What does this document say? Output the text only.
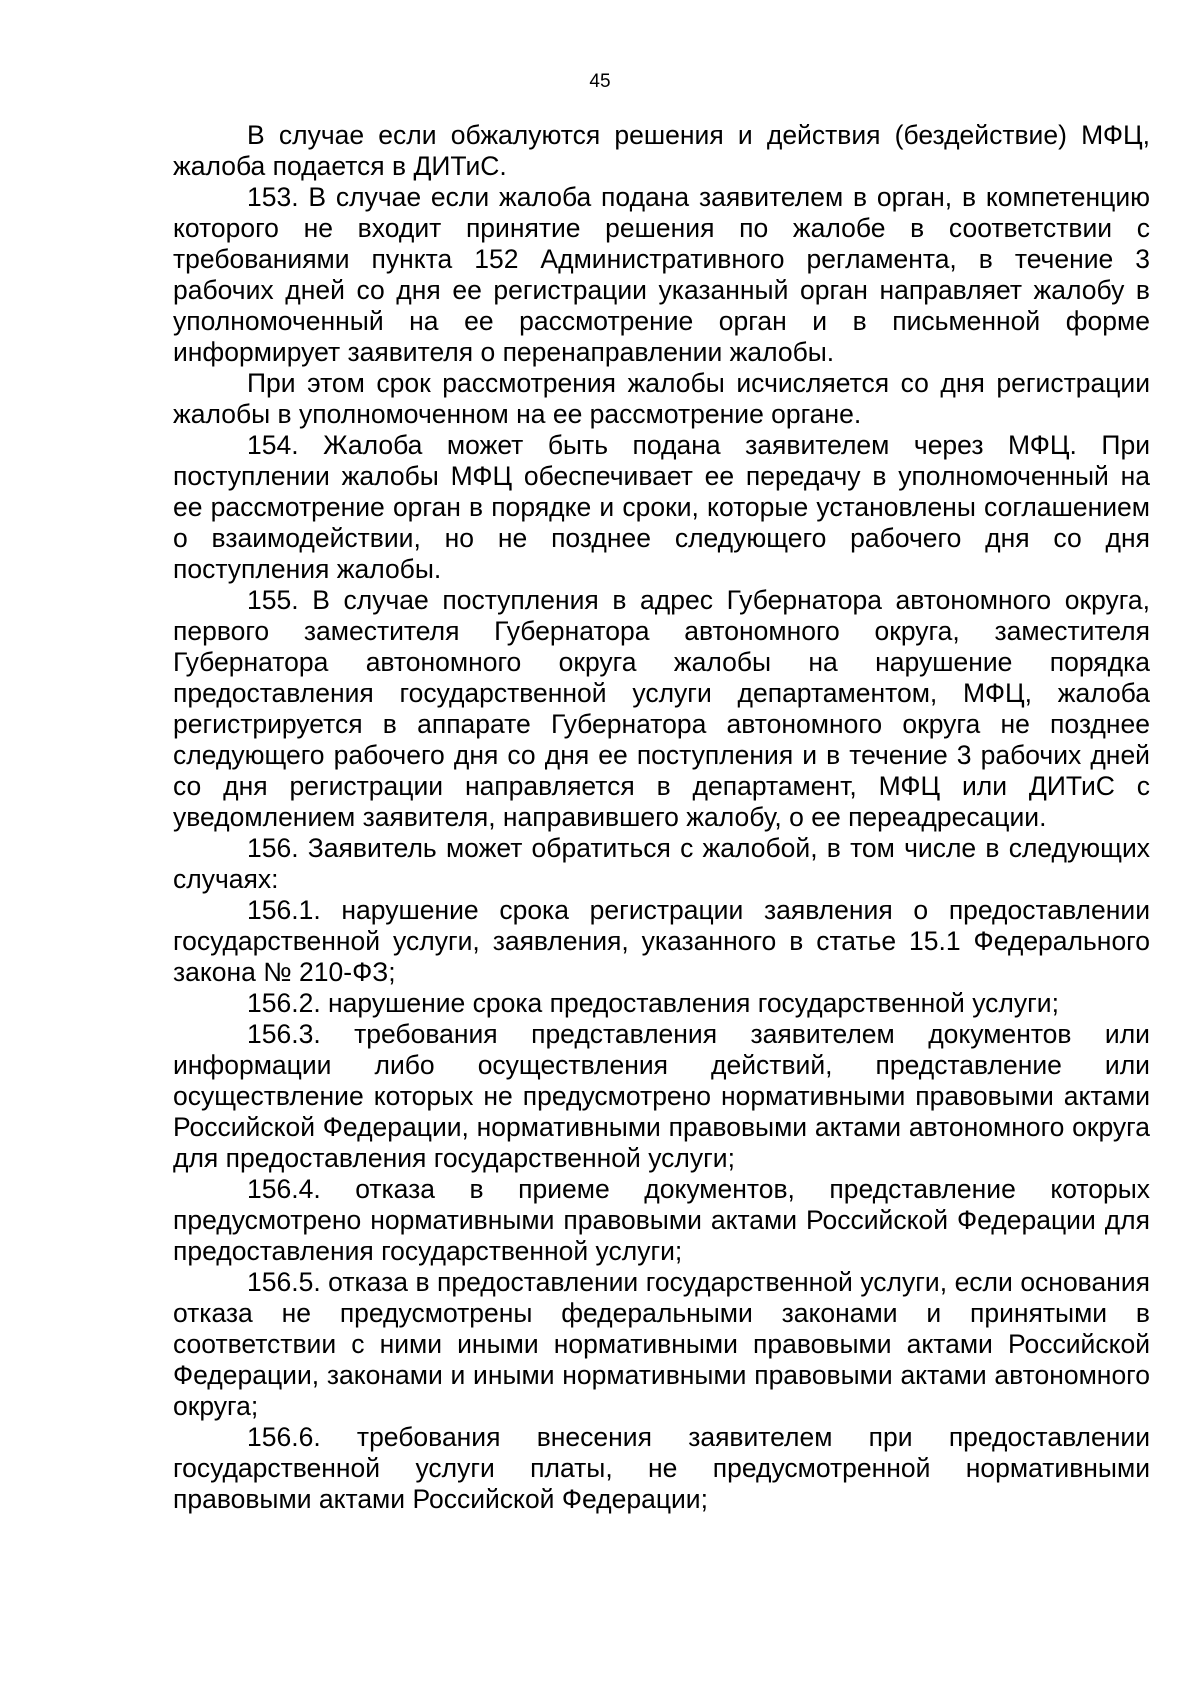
45

В случае если обжалуются решения и действия (бездействие) МФЦ, жалоба подается в ДИТиС.

153. В случае если жалоба подана заявителем в орган, в компетенцию которого не входит принятие решения по жалобе в соответствии с требованиями пункта 152 Административного регламента, в течение 3 рабочих дней со дня ее регистрации указанный орган направляет жалобу в уполномоченный на ее рассмотрение орган и в письменной форме информирует заявителя о перенаправлении жалобы.

При этом срок рассмотрения жалобы исчисляется со дня регистрации жалобы в уполномоченном на ее рассмотрение органе.

154. Жалоба может быть подана заявителем через МФЦ. При поступлении жалобы МФЦ обеспечивает ее передачу в уполномоченный на ее рассмотрение орган в порядке и сроки, которые установлены соглашением о взаимодействии, но не позднее следующего рабочего дня со дня поступления жалобы.

155. В случае поступления в адрес Губернатора автономного округа, первого заместителя Губернатора автономного округа, заместителя Губернатора автономного округа жалобы на нарушение порядка предоставления государственной услуги департаментом, МФЦ, жалоба регистрируется в аппарате Губернатора автономного округа не позднее следующего рабочего дня со дня ее поступления и в течение 3 рабочих дней со дня регистрации направляется в департамент, МФЦ или ДИТиС с уведомлением заявителя, направившего жалобу, о ее переадресации.

156. Заявитель может обратиться с жалобой, в том числе в следующих случаях:

156.1. нарушение срока регистрации заявления о предоставлении государственной услуги, заявления, указанного в статье 15.1 Федерального закона № 210-ФЗ;

156.2. нарушение срока предоставления государственной услуги;

156.3. требования представления заявителем документов или информации либо осуществления действий, представление или осуществление которых не предусмотрено нормативными правовыми актами Российской Федерации, нормативными правовыми актами автономного округа для предоставления государственной услуги;

156.4. отказа в приеме документов, представление которых предусмотрено нормативными правовыми актами Российской Федерации для предоставления государственной услуги;

156.5. отказа в предоставлении государственной услуги, если основания отказа не предусмотрены федеральными законами и принятыми в соответствии с ними иными нормативными правовыми актами Российской Федерации, законами и иными нормативными правовыми актами автономного округа;

156.6. требования внесения заявителем при предоставлении государственной услуги платы, не предусмотренной нормативными правовыми актами Российской Федерации;
